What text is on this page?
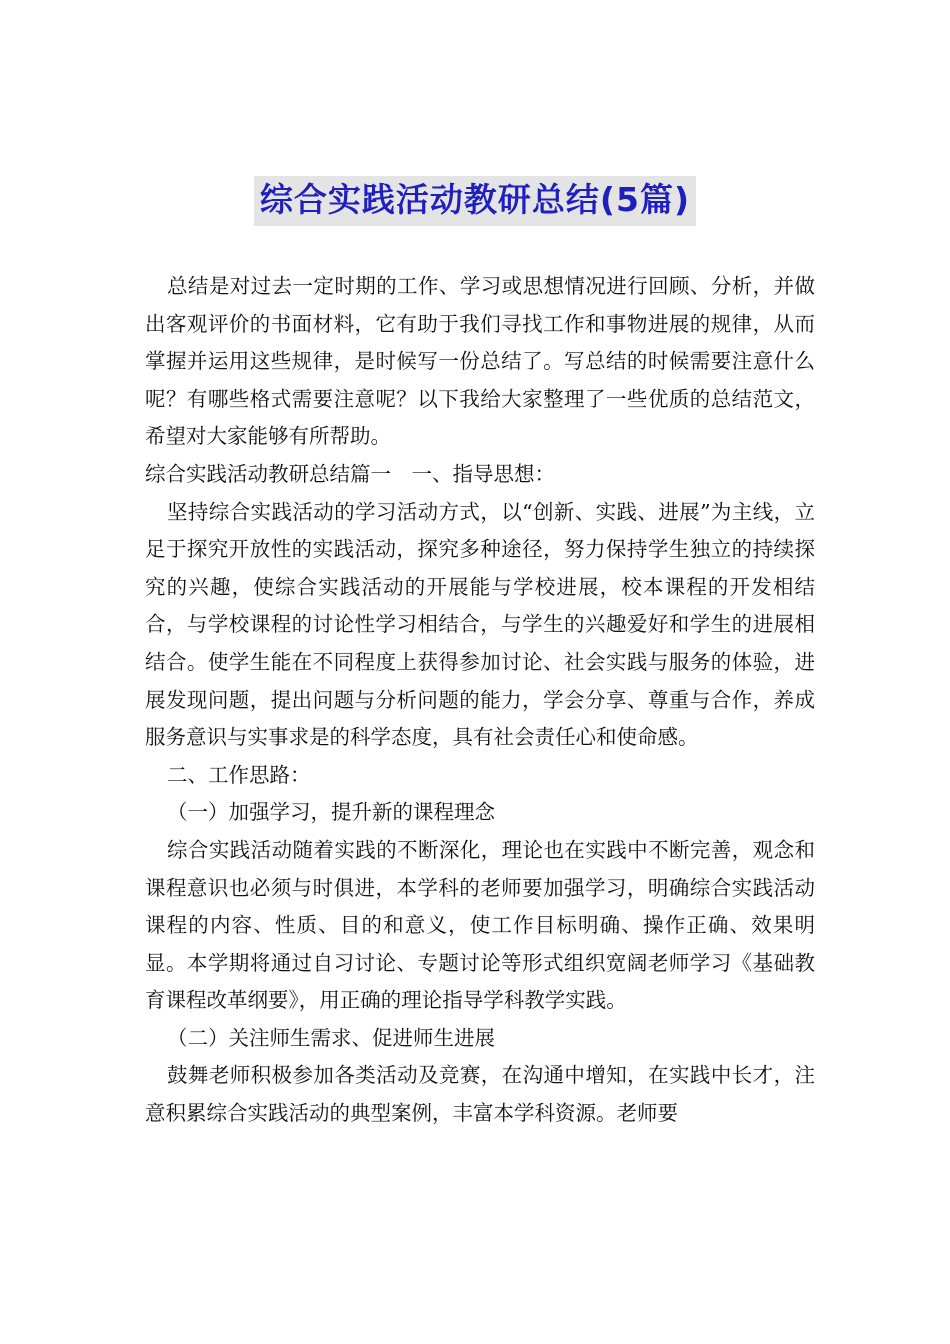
综合实践活动教研总结(5篇)

总结是对过去一定时期的工作、学习或思想情况进行回顾、分析，并做出客观评价的书面材料，它有助于我们寻找工作和事物进展的规律，从而掌握并运用这些规律，是时候写一份总结了。写总结的时候需要注意什么呢？有哪些格式需要注意呢？以下我给大家整理了一些优质的总结范文，希望对大家能够有所帮助。

综合实践活动教研总结篇一　一、指导思想：

坚持综合实践活动的学习活动方式，以“创新、实践、进展”为主线，立足于探究开放性的实践活动，探究多种途径，努力保持学生独立的持续探究的兴趣，使综合实践活动的开展能与学校进展，校本课程的开发相结合，与学校课程的讨论性学习相结合，与学生的兴趣爱好和学生的进展相结合。使学生能在不同程度上获得参加讨论、社会实践与服务的体验，进展发现问题，提出问题与分析问题的能力，学会分享、尊重与合作，养成服务意识与实事求是的科学态度，具有社会责任心和使命感。

二、工作思路：

（一）加强学习，提升新的课程理念

综合实践活动随着实践的不断深化，理论也在实践中不断完善，观念和课程意识也必须与时俱进，本学科的老师要加强学习，明确综合实践活动课程的内容、性质、目的和意义，使工作目标明确、操作正确、效果明显。本学期将通过自习讨论、专题讨论等形式组织宽阔老师学习《基础教育课程改革纲要》，用正确的理论指导学科教学实践。

（二）关注师生需求、促进师生进展

鼓舞老师积极参加各类活动及竞赛，在沟通中增知，在实践中长才，注意积累综合实践活动的典型案例，丰富本学科资源。老师要
